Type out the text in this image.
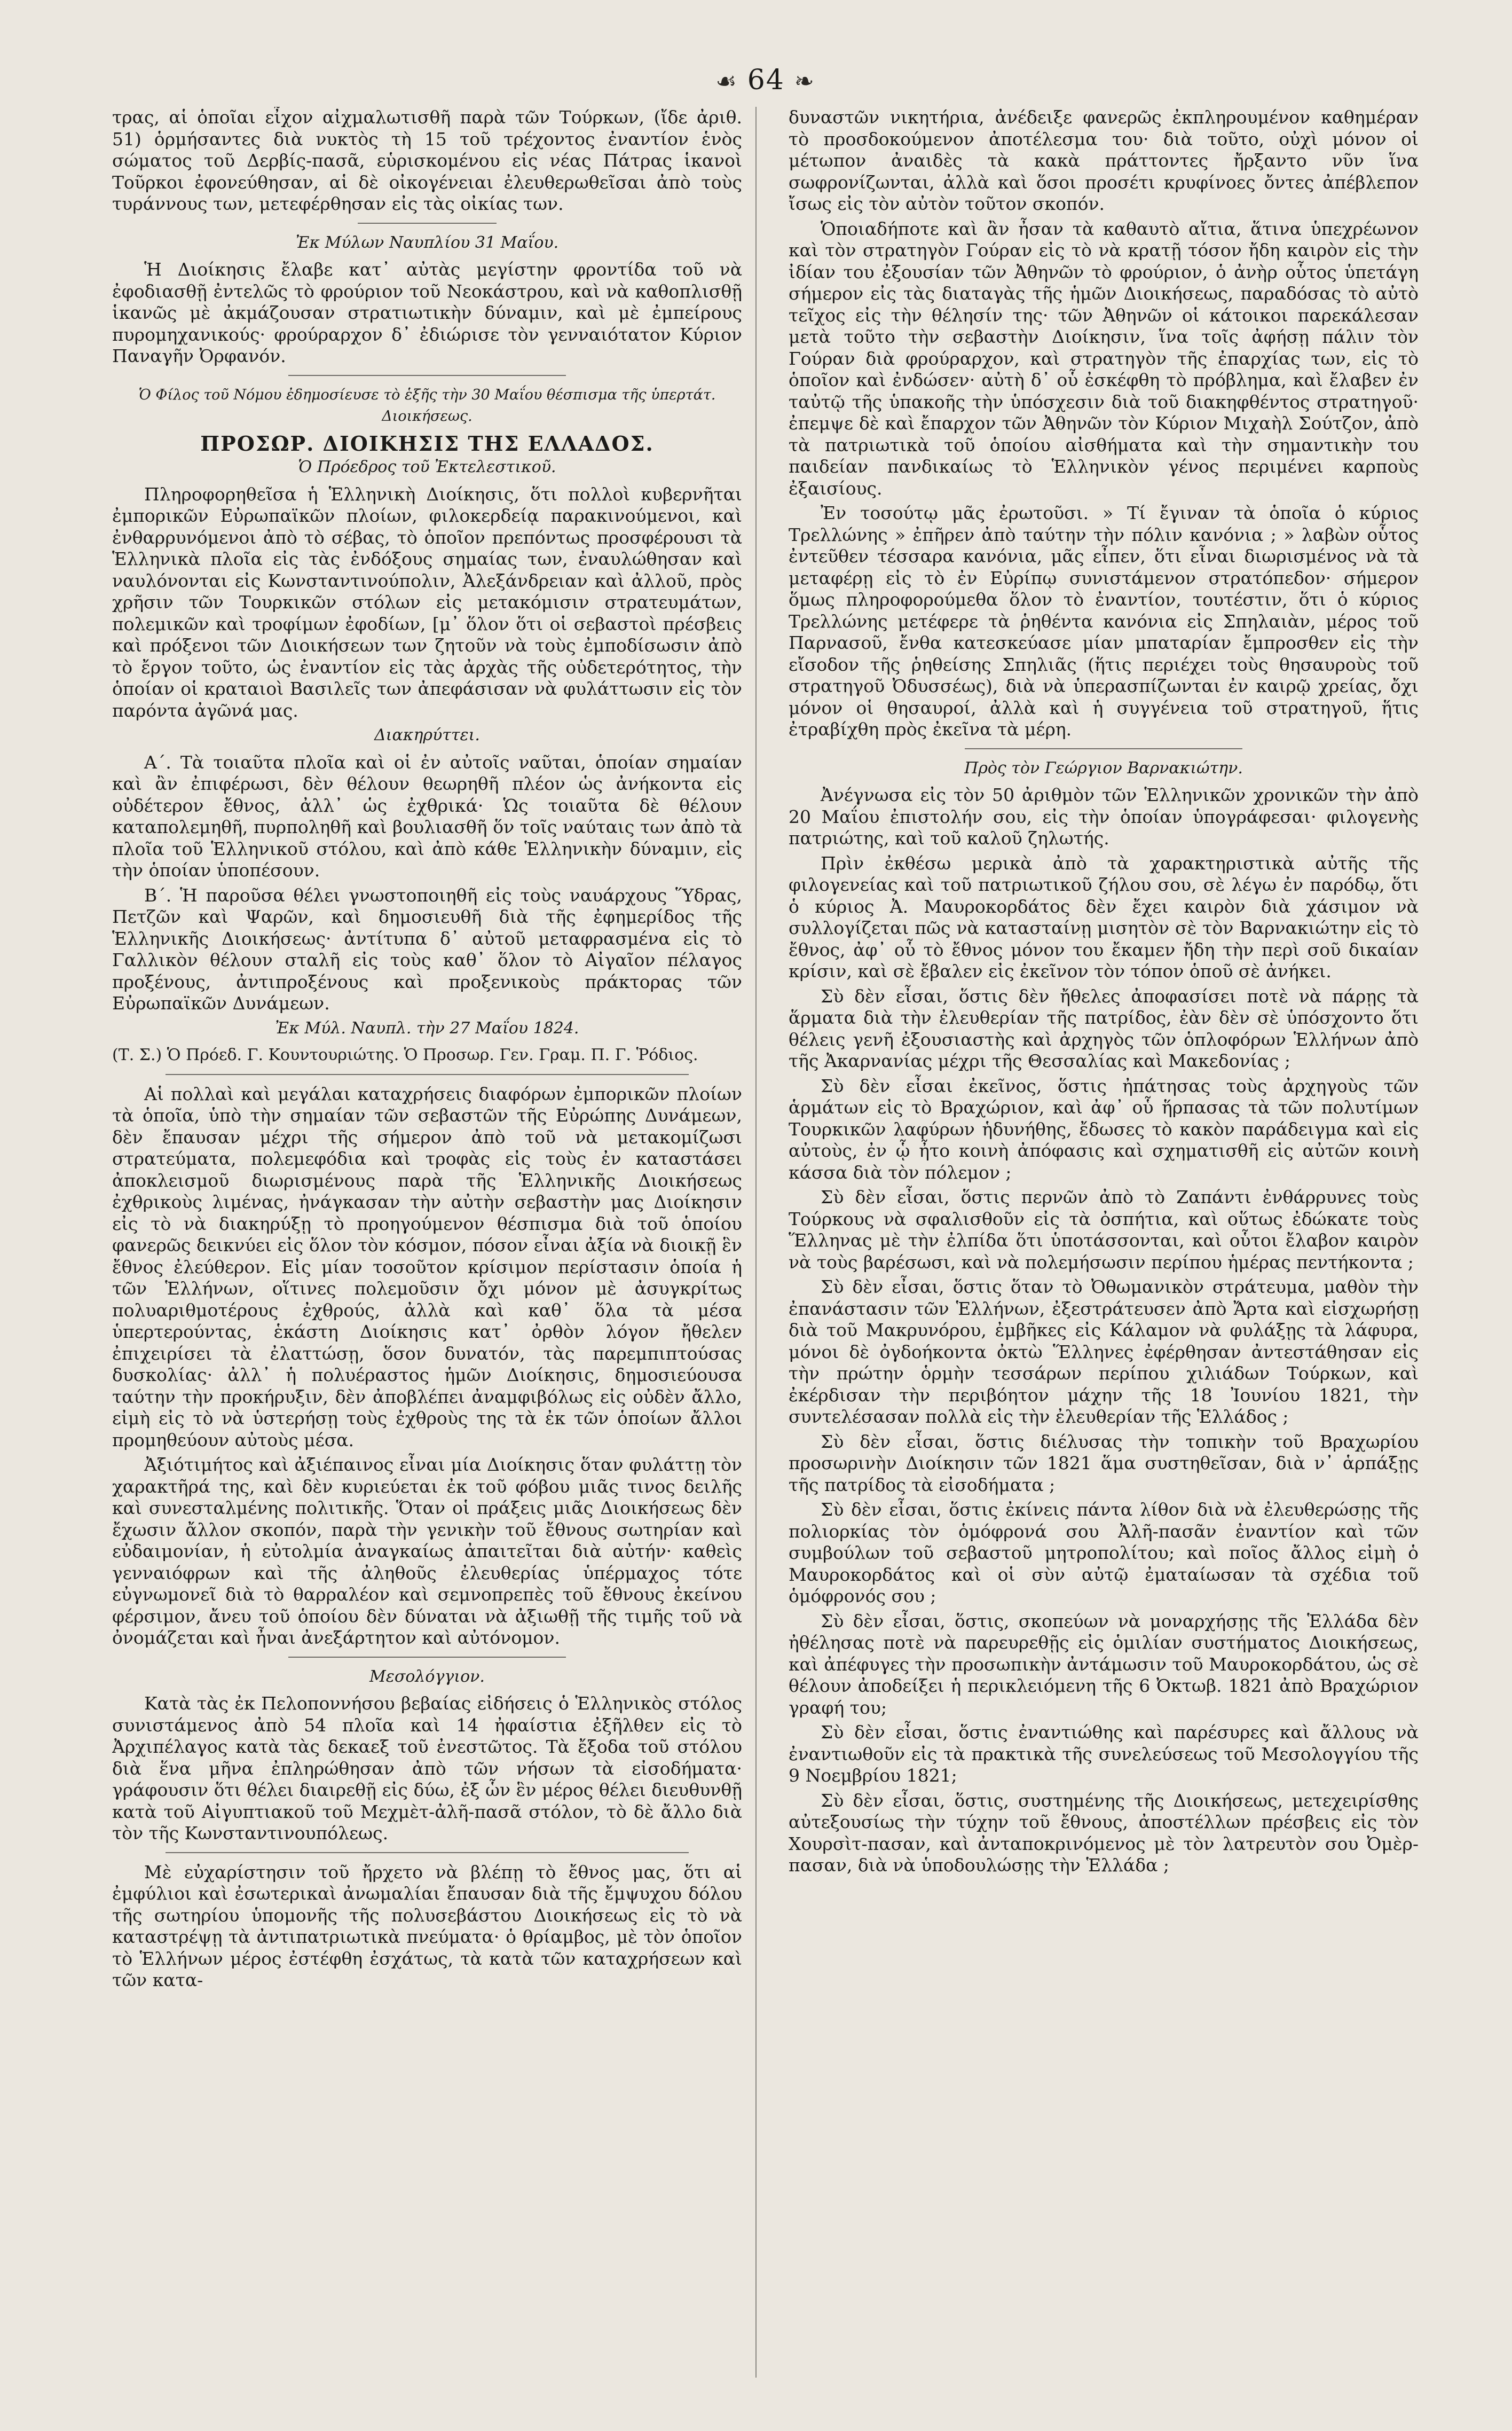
☙ 64 ❧

τρας, αἱ ὁποῖαι εἶχον αἰχμαλωτισθῆ παρὰ τῶν Τούρκων, (ἴδε ἀριθ. 51) ὁρμήσαντες διὰ νυκτὸς τὴ 15 τοῦ τρέχοντος ἐναντίον ἑνὸς σώματος τοῦ Δερβίς-πασᾶ, εὑρισκομένου εἰς νέας Πάτρας ἱκανοὶ Τοῦρκοι ἐφονεύθησαν, αἱ δὲ οἰκογένειαι ἐλευθερωθεῖσαι ἀπὸ τοὺς τυράννους των, μετεφέρθησαν εἰς τὰς οἰκίας των.

Ἐκ Μύλων Ναυπλίου 31 Μαΐου.

Ἡ Διοίκησις ἔλαβε κατ᾽ αὐτὰς μεγίστην φροντίδα τοῦ νὰ ἐφοδιασθῇ ἐντελῶς τὸ φρούριον τοῦ Νεοκάστρου, καὶ νὰ καθοπλισθῇ ἱκανῶς μὲ ἀκμάζουσαν στρατιωτικὴν δύναμιν, καὶ μὲ ἐμπείρους πυρομηχανικούς· φρούραρχον δ᾽ ἐδιώρισε τὸν γενναιότατον Κύριον Παναγῆν Ὀρφανόν.

Ὁ Φίλος τοῦ Νόμου ἐδημοσίευσε τὸ ἑξῆς τὴν 30 Μαΐου θέσπισμα τῆς ὑπερτάτ. Διοικήσεως.

ΠΡΟΣΩΡ. ΔΙΟΙΚΗΣΙΣ ΤΗΣ ΕΛΛΑΔΟΣ.

Ὁ Πρόεδρος τοῦ Ἐκτελεστικοῦ.

Πληροφορηθεῖσα ἡ Ἑλληνικὴ Διοίκησις, ὅτι πολλοὶ κυβερνῆται ἐμπορικῶν Εὐρωπαϊκῶν πλοίων, φιλοκερδείᾳ παρακινούμενοι, καὶ ἐνθαρρυνόμενοι ἀπὸ τὸ σέβας, τὸ ὁποῖον πρεπόντως προσφέρουσι τὰ Ἑλληνικὰ πλοῖα εἰς τὰς ἐνδόξους σημαίας των, ἐναυλώθησαν καὶ ναυλόνονται εἰς Κωνσταντινούπολιν, Ἀλεξάνδρειαν καὶ ἀλλοῦ, πρὸς χρῆσιν τῶν Τουρκικῶν στόλων εἰς μετακόμισιν στρατευμάτων, πολεμικῶν καὶ τροφίμων ἐφοδίων, [μ᾽ ὅλον ὅτι οἱ σεβαστοὶ πρέσβεις καὶ πρόξενοι τῶν Διοικήσεων των ζητοῦν νὰ τοὺς ἐμποδίσωσιν ἀπὸ τὸ ἔργον τοῦτο, ὡς ἐναντίον εἰς τὰς ἀρχὰς τῆς οὐδετερότητος, τὴν ὁποίαν οἱ κραταιοὶ Βασιλεῖς των ἀπεφάσισαν νὰ φυλάττωσιν εἰς τὸν παρόντα ἀγῶνά μας.

Διακηρύττει.

Α΄. Τὰ τοιαῦτα πλοῖα καὶ οἱ ἐν αὐτοῖς ναῦται, ὁποίαν σημαίαν καὶ ἂν ἐπιφέρωσι, δὲν θέλουν θεωρηθῆ πλέον ὡς ἀνήκοντα εἰς οὐδέτερον ἔθνος, ἀλλ᾽ ὡς ἐχθρικά· Ὡς τοιαῦτα δὲ θέλουν καταπολεμηθῆ, πυρποληθῆ καὶ βουλιασθῆ ὅν τοῖς ναύταις των ἀπὸ τὰ πλοῖα τοῦ Ἑλληνικοῦ στόλου, καὶ ἀπὸ κάθε Ἑλληνικὴν δύναμιν, εἰς τὴν ὁποίαν ὑποπέσουν.

Β΄. Ἡ παροῦσα θέλει γνωστοποιηθῆ εἰς τοὺς ναυάρχους Ὕδρας, Πετζῶν καὶ Ψαρῶν, καὶ δημοσιευθῆ διὰ τῆς ἐφημερίδος τῆς Ἑλληνικῆς Διοικήσεως· ἀντίτυπα δ᾽ αὐτοῦ μεταφρασμένα εἰς τὸ Γαλλικὸν θέλουν σταλῆ εἰς τοὺς καθ᾽ ὅλον τὸ Αἰγαῖον πέλαγος προξένους, ἀντιπροξένους καὶ προξενικοὺς πράκτορας τῶν Εὐρωπαϊκῶν Δυνάμεων.

Ἐκ Μύλ. Ναυπλ. τὴν 27 Μαΐου 1824.

(Τ. Σ.) Ὁ Πρόεδ. Γ. Κουντουριώτης. Ὁ Προσωρ. Γεν. Γραμ. Π. Γ. Ῥόδιος.

Αἱ πολλαὶ καὶ μεγάλαι καταχρήσεις διαφόρων ἐμπορικῶν πλοίων τὰ ὁποῖα, ὑπὸ τὴν σημαίαν τῶν σεβαστῶν τῆς Εὐρώπης Δυνάμεων, δὲν ἔπαυσαν μέχρι τῆς σήμερον ἀπὸ τοῦ νὰ μετακομίζωσι στρατεύματα, πολεμεφόδια καὶ τροφὰς εἰς τοὺς ἐν καταστάσει ἀποκλεισμοῦ διωρισμένους παρὰ τῆς Ἑλληνικῆς Διοικήσεως ἐχθρικοὺς λιμένας, ἠνάγκασαν τὴν αὐτὴν σεβαστὴν μας Διοίκησιν εἰς τὸ νὰ διακηρύξῃ τὸ προηγούμενον θέσπισμα διὰ τοῦ ὁποίου φανερῶς δεικνύει εἰς ὅλον τὸν κόσμον, πόσον εἶναι ἀξία νὰ διοικῇ ἓν ἔθνος ἐλεύθερον. Εἰς μίαν τοσοῦτον κρίσιμον περίστασιν ὁποία ἡ τῶν Ἑλλήνων, οἵτινες πολεμοῦσιν ὄχι μόνον μὲ ἀσυγκρίτως πολυαριθμοτέρους ἐχθρούς, ἀλλὰ καὶ καθ᾽ ὅλα τὰ μέσα ὑπερτερούντας, ἑκάστη Διοίκησις κατ᾽ ὀρθὸν λόγον ἤθελεν ἐπιχειρίσει τὰ ἐλαττώσῃ, ὅσον δυνατόν, τὰς παρεμπιπτούσας δυσκολίας· ἀλλ᾽ ἡ πολυέραστος ἡμῶν Διοίκησις, δημοσιεύουσα ταύτην τὴν προκήρυξιν, δὲν ἀποβλέπει ἀναμφιβόλως εἰς οὐδὲν ἄλλο, εἰμὴ εἰς τὸ νὰ ὑστερήσῃ τοὺς ἐχθροὺς της τὰ ἐκ τῶν ὁποίων ἄλλοι προμηθεύουν αὐτοὺς μέσα.

Ἀξιότιμήτος καὶ ἀξιέπαινος εἶναι μία Διοίκησις ὅταν φυλάττῃ τὸν χαρακτῆρά της, καὶ δὲν κυριεύεται ἐκ τοῦ φόβου μιᾶς τινος δειλῆς καὶ συνεσταλμένης πολιτικῆς. Ὅταν οἱ πράξεις μιᾶς Διοικήσεως δὲν ἔχωσιν ἄλλον σκοπόν, παρὰ τὴν γενικὴν τοῦ ἔθνους σωτηρίαν καὶ εὐδαιμονίαν, ἡ εὐτολμία ἀναγκαίως ἀπαιτεῖται διὰ αὐτήν· καθεὶς γενναιόφρων καὶ τῆς ἀληθοῦς ἐλευθερίας ὑπέρμαχος τότε εὐγνωμονεῖ διὰ τὸ θαρραλέον καὶ σεμνοπρεπὲς τοῦ ἔθνους ἐκείνου φέρσιμον, ἄνευ τοῦ ὁποίου δὲν δύναται νὰ ἀξιωθῇ τῆς τιμῆς τοῦ νὰ ὀνομάζεται καὶ ἦναι ἀνεξάρτητον καὶ αὐτόνομον.

Μεσολόγγιον.

Κατὰ τὰς ἐκ Πελοποννήσου βεβαίας εἰδήσεις ὁ Ἑλληνικὸς στόλος συνιστάμενος ἀπὸ 54 πλοῖα καὶ 14 ἠφαίστια ἐξῆλθεν εἰς τὸ Ἀρχιπέλαγος κατὰ τὰς δεκαεξ τοῦ ἐνεστῶτος. Τὰ ἔξοδα τοῦ στόλου διὰ ἕνα μῆνα ἐπληρώθησαν ἀπὸ τῶν νήσων τὰ εἰσοδήματα· γράφουσιν ὅτι θέλει διαιρεθῇ εἰς δύω, ἐξ ὧν ἓν μέρος θέλει διευθυνθῇ κατὰ τοῦ Αἰγυπτιακοῦ τοῦ Μεχμὲτ-ἀλῆ-πασᾶ στόλον, τὸ δὲ ἄλλο διὰ τὸν τῆς Κωνσταντινουπόλεως.

Μὲ εὐχαρίστησιν τοῦ ἤρχετο νὰ βλέπῃ τὸ ἔθνος μας, ὅτι αἱ ἐμφύλιοι καὶ ἐσωτερικαὶ ἀνωμαλίαι ἔπαυσαν διὰ τῆς ἔμψυχου δόλου τῆς σωτηρίου ὑπομονῆς τῆς πολυσεβάστου Διοικήσεως εἰς τὸ νὰ καταστρέψῃ τὰ ἀντιπατριωτικὰ πνεύματα· ὁ θρίαμβος, μὲ τὸν ὁποῖον τὸ Ἑλλήνων μέρος ἐστέφθη ἐσχάτως, τὰ κατὰ τῶν καταχρήσεων καὶ τῶν κατα-

δυναστῶν νικητήρια, ἀνέδειξε φανερῶς ἐκπληρουμένον καθημέραν τὸ προσδοκούμενον ἀποτέλεσμα του· διὰ τοῦτο, οὐχὶ μόνον οἱ μέτωπον ἀναιδὲς τὰ κακὰ πράττοντες ἤρξαντο νῦν ἵνα σωφρονίζωνται, ἀλλὰ καὶ ὅσοι προσέτι κρυφίνοες ὄντες ἀπέβλεπον ἴσως εἰς τὸν αὐτὸν τοῦτον σκοπόν.

Ὁποιαδήποτε καὶ ἂν ἦσαν τὰ καθαυτὸ αἴτια, ἅτινα ὑπεχρέωνον καὶ τὸν στρατηγὸν Γούραν εἰς τὸ νὰ κρατῇ τόσον ἤδη καιρὸν εἰς τὴν ἰδίαν του ἐξουσίαν τῶν Ἀθηνῶν τὸ φρούριον, ὁ ἀνὴρ οὗτος ὑπετάγη σήμερον εἰς τὰς διαταγὰς τῆς ἡμῶν Διοικήσεως, παραδόσας τὸ αὐτὸ τεῖχος εἰς τὴν θέλησίν της· τῶν Ἀθηνῶν οἱ κάτοικοι παρεκάλεσαν μετὰ τοῦτο τὴν σεβαστὴν Διοίκησιν, ἵνα τοῖς ἀφήσῃ πάλιν τὸν Γούραν διὰ φρούραρχον, καὶ στρατηγὸν τῆς ἐπαρχίας των, εἰς τὸ ὁποῖον καὶ ἐνδώσεν· αὐτὴ δ᾽ οὗ ἐσκέφθη τὸ πρόβλημα, καὶ ἔλαβεν ἐν ταὐτῷ τῆς ὑπακοῆς τὴν ὑπόσχεσιν διὰ τοῦ διακηφθέντος στρατηγοῦ· ἐπεμψε δὲ καὶ ἔπαρχον τῶν Ἀθηνῶν τὸν Κύριον Μιχαὴλ Σούτζον, ἀπὸ τὰ πατριωτικὰ τοῦ ὁποίου αἰσθήματα καὶ τὴν σημαντικὴν του παιδείαν πανδικαίως τὸ Ἑλληνικὸν γένος περιμένει καρποὺς ἐξαισίους.

Ἐν τοσούτῳ μᾶς ἐρωτοῦσι. » Τί ἔγιναν τὰ ὁποῖα ὁ κύριος Τρελλώνης » ἐπῆρεν ἀπὸ ταύτην τὴν πόλιν κανόνια ; » λαβὼν οὗτος ἐντεῦθεν τέσσαρα κανόνια, μᾶς εἶπεν, ὅτι εἶναι διωρισμένος νὰ τὰ μεταφέρῃ εἰς τὸ ἐν Εὐρίπῳ συνιστάμενον στρατόπεδον· σήμερον ὅμως πληροφορούμεθα ὅλον τὸ ἐναντίον, τουτέστιν, ὅτι ὁ κύριος Τρελλώνης μετέφερε τὰ ῥηθέντα κανόνια εἰς Σπηλαιὰν, μέρος τοῦ Παρνασοῦ, ἔνθα κατεσκεύασε μίαν μπαταρίαν ἔμπροσθεν εἰς τὴν εἴσοδον τῆς ῥηθείσης Σπηλιᾶς (ἥτις περιέχει τοὺς θησαυροὺς τοῦ στρατηγοῦ Ὀδυσσέως), διὰ νὰ ὑπερασπίζωνται ἐν καιρῷ χρείας, ὄχι μόνον οἱ θησαυροί, ἀλλὰ καὶ ἡ συγγένεια τοῦ στρατηγοῦ, ἥτις ἐτραβίχθη πρὸς ἐκεῖνα τὰ μέρη.

Πρὸς τὸν Γεώργιον Βαρνακιώτην.

Ἀνέγνωσα εἰς τὸν 50 ἀριθμὸν τῶν Ἑλληνικῶν χρονικῶν τὴν ἀπὸ 20 Μαΐου ἐπιστολήν σου, εἰς τὴν ὁποίαν ὑπογράφεσαι· φιλογενὴς πατριώτης, καὶ τοῦ καλοῦ ζηλωτής.

Πρὶν ἐκθέσω μερικὰ ἀπὸ τὰ χαρακτηριστικὰ αὐτῆς τῆς φιλογενείας καὶ τοῦ πατριωτικοῦ ζήλου σου, σὲ λέγω ἐν παρόδῳ, ὅτι ὁ κύριος Ἀ. Μαυροκορδάτος δὲν ἔχει καιρὸν διὰ χάσιμον νὰ συλλογίζεται πῶς νὰ κατασταίνῃ μισητὸν σὲ τὸν Βαρνακιώτην εἰς τὸ ἔθνος, ἀφ᾽ οὗ τὸ ἔθνος μόνον του ἔκαμεν ἤδη τὴν περὶ σοῦ δικαίαν κρίσιν, καὶ σὲ ἔβαλεν εἰς ἐκεῖνον τὸν τόπον ὁποῦ σὲ ἀνήκει.

Σὺ δὲν εἶσαι, ὅστις δὲν ἤθελες ἀποφασίσει ποτὲ νὰ πάρῃς τὰ ἅρματα διὰ τὴν ἐλευθερίαν τῆς πατρίδος, ἐὰν δὲν σὲ ὑπόσχοντο ὅτι θέλεις γενῆ ἐξουσιαστὴς καὶ ἀρχηγὸς τῶν ὁπλοφόρων Ἑλλήνων ἀπὸ τῆς Ἀκαρνανίας μέχρι τῆς Θεσσαλίας καὶ Μακεδονίας ;

Σὺ δὲν εἶσαι ἐκεῖνος, ὅστις ἠπάτησας τοὺς ἀρχηγοὺς τῶν ἁρμάτων εἰς τὸ Βραχώριον, καὶ ἀφ᾽ οὗ ἥρπασας τὰ τῶν πολυτίμων Τουρκικῶν λαφύρων ἡδυνήθης, ἔδωσες τὸ κακὸν παράδειγμα καὶ εἰς αὐτοὺς, ἐν ᾧ ἦτο κοινὴ ἀπόφασις καὶ σχηματισθῆ εἰς αὐτῶν κοινὴ κάσσα διὰ τὸν πόλεμον ;

Σὺ δὲν εἶσαι, ὅστις περνῶν ἀπὸ τὸ Ζαπάντι ἐνθάρρυνες τοὺς Τούρκους νὰ σφαλισθοῦν εἰς τὰ ὀσπήτια, καὶ οὕτως ἐδώκατε τοὺς Ἕλληνας μὲ τὴν ἐλπίδα ὅτι ὑποτάσσονται, καὶ οὗτοι ἔλαβον καιρὸν νὰ τοὺς βαρέσωσι, καὶ νὰ πολεμήσωσιν περίπου ἡμέρας πεντήκοντα ;

Σὺ δὲν εἶσαι, ὅστις ὅταν τὸ Ὀθωμανικὸν στράτευμα, μαθὸν τὴν ἐπανάστασιν τῶν Ἑλλήνων, ἐξεστράτευσεν ἀπὸ Ἄρτα καὶ εἰσχωρήσῃ διὰ τοῦ Μακρυνόρου, ἐμβῆκες εἰς Κάλαμον νὰ φυλάξῃς τὰ λάφυρα, μόνοι δὲ ὀγδοήκοντα ὀκτὼ Ἕλληνες ἐφέρθησαν ἀντεστάθησαν εἰς τὴν πρώτην ὁρμὴν τεσσάρων περίπου χιλιάδων Τούρκων, καὶ ἐκέρδισαν τὴν περιβόητον μάχην τῆς 18 Ἰουνίου 1821, τὴν συντελέσασαν πολλὰ εἰς τὴν ἐλευθερίαν τῆς Ἑλλάδος ;

Σὺ δὲν εἶσαι, ὅστις διέλυσας τὴν τοπικὴν τοῦ Βραχωρίου προσωρινὴν Διοίκησιν τῶν 1821 ἅμα συστηθεῖσαν, διὰ ν᾽ ἁρπάξῃς τῆς πατρίδος τὰ εἰσοδήματα ;

Σὺ δὲν εἶσαι, ὅστις ἐκίνεις πάντα λίθον διὰ νὰ ἐλευθερώσῃς τῆς πολιορκίας τὸν ὁμόφρονά σου Ἀλῆ-πασᾶν ἐναντίον καὶ τῶν συμβούλων τοῦ σεβαστοῦ μητροπολίτου; καὶ ποῖος ἄλλος εἰμὴ ὁ Μαυροκορδάτος καὶ οἱ σὺν αὐτῷ ἐματαίωσαν τὰ σχέδια τοῦ ὁμόφρονός σου ;

Σὺ δὲν εἶσαι, ὅστις, σκοπεύων νὰ μοναρχήσῃς τῆς Ἑλλάδα δὲν ἠθέλησας ποτὲ νὰ παρευρεθῇς εἰς ὁμιλίαν συστήματος Διοικήσεως, καὶ ἀπέφυγες τὴν προσωπικὴν ἀντάμωσιν τοῦ Μαυροκορδάτου, ὡς σὲ θέλουν ἀποδείξει ἡ περικλειόμενη τῆς 6 Ὀκτωβ. 1821 ἀπὸ Βραχώριον γραφή του;

Σὺ δὲν εἶσαι, ὅστις ἐναντιώθης καὶ παρέσυρες καὶ ἄλλους νὰ ἐναντιωθοῦν εἰς τὰ πρακτικὰ τῆς συνελεύσεως τοῦ Μεσολογγίου τῆς 9 Νοεμβρίου 1821;

Σὺ δὲν εἶσαι, ὅστις, συστημένης τῆς Διοικήσεως, μετεχειρίσθης αὐτεξουσίως τὴν τύχην τοῦ ἔθνους, ἀποστέλλων πρέσβεις εἰς τὸν Χουρσὶτ-πασαν, καὶ ἀνταποκρινόμενος μὲ τὸν λατρευτὸν σου Ὀμὲρ-πασαν, διὰ νὰ ὑποδουλώσῃς τὴν Ἑλλάδα ;
